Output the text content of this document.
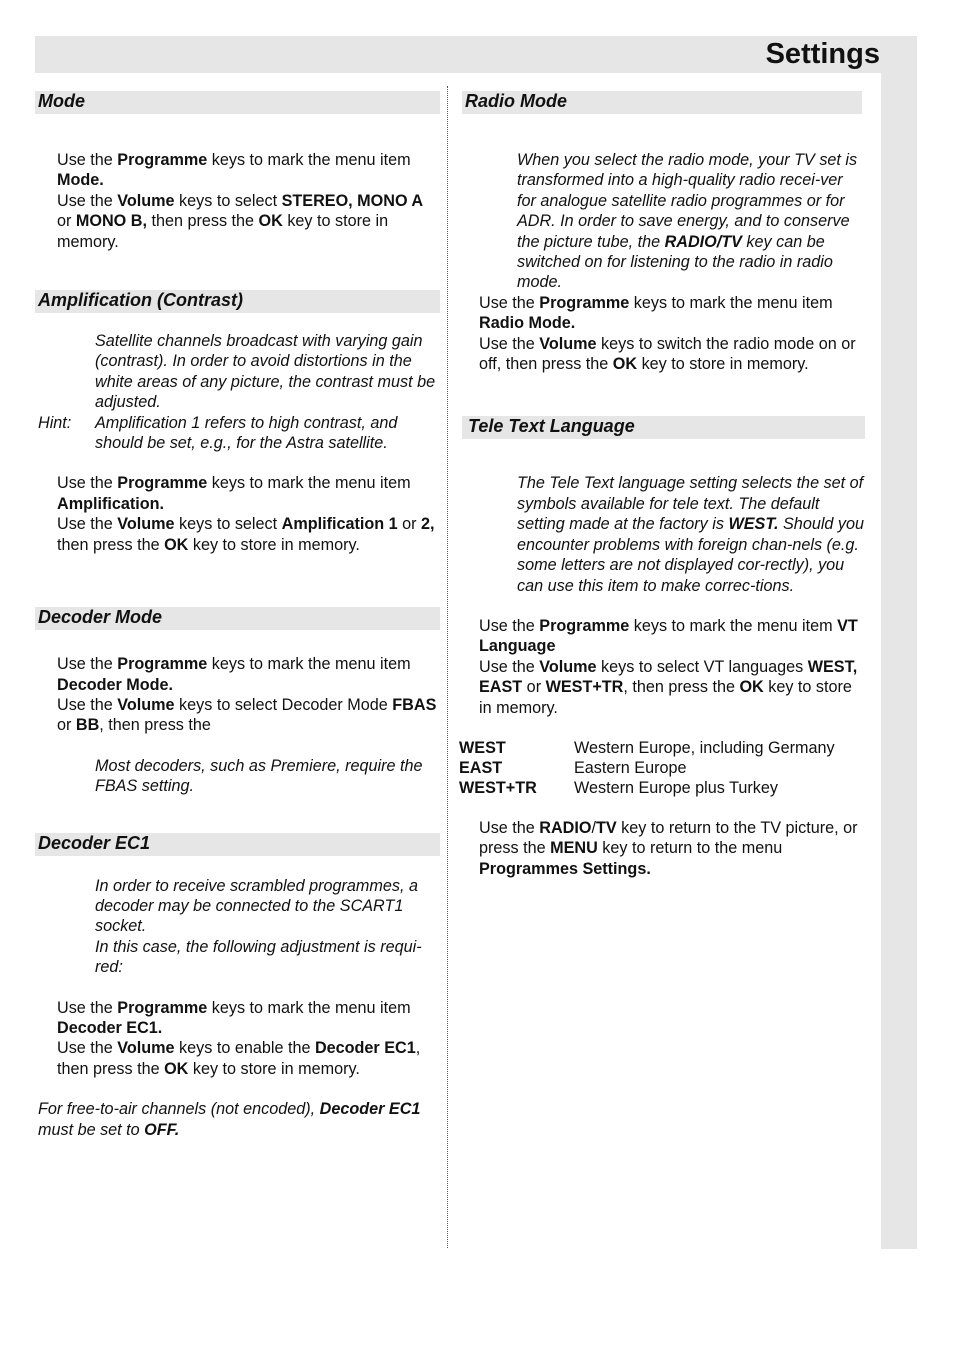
Settings
Mode

Use the Programme keys to mark the menu item Mode.

Use the Volume keys to select STEREO, MONO A or MONO B, then press the OK key to store in memory.

Amplification (Contrast)

Satellite channels broadcast with varying gain (contrast). In order to avoid distortions in the white areas of any picture, the contrast must be adjusted.

Hint:	Amplification 1 refers to high contrast, and should be set, e.g., for the Astra satellite.

Use the Programme keys to mark the menu item Amplification.

Use the Volume keys to select Amplification 1 or 2, then press the OK key to store in memory.

Decoder Mode

Use the Programme keys to mark the menu item Decoder Mode.

Use the Volume keys to select Decoder Mode FBAS or BB, then press the

Most decoders, such as Premiere, require the FBAS setting.

Decoder EC1

In order to receive scrambled programmes, a decoder may be connected to the SCART1 socket.

In this case, the following adjustment is requi-red:

Use the Programme keys to mark the menu item Decoder EC1.

Use the Volume keys to enable the Decoder EC1, then press the OK key to store in memory.

For free-to-air channels (not encoded), Decoder EC1 must be set to OFF.

Radio Mode

When you select the radio mode, your TV set is transformed into a high-quality radio recei-ver for analogue satellite radio programmes or for ADR. In order to save energy, and to conserve the picture tube, the RADIO/TV key can be switched on for listening to the radio in radio mode.

Use the Programme keys to mark the menu item Radio Mode.

Use the Volume keys to switch the radio mode on or off, then press the OK key to store in memory.

Tele Text Language

The Tele Text language setting selects the set of symbols available for tele text. The default setting made at the factory is WEST. Should you encounter problems with foreign chan-nels (e.g. some letters are not displayed cor-rectly), you can use this item to make correc-tions.

Use the Programme keys to mark the menu item VT Language

Use the Volume keys to select VT languages WEST, EAST or WEST+TR, then press the OK key to store in memory.

WEST	Western Europe, including Germany
EAST	Eastern Europe
WEST+TR	Western Europe plus Turkey

Use the RADIO/TV key to return to the TV picture, or press the MENU key to return to the menu Programmes Settings.
